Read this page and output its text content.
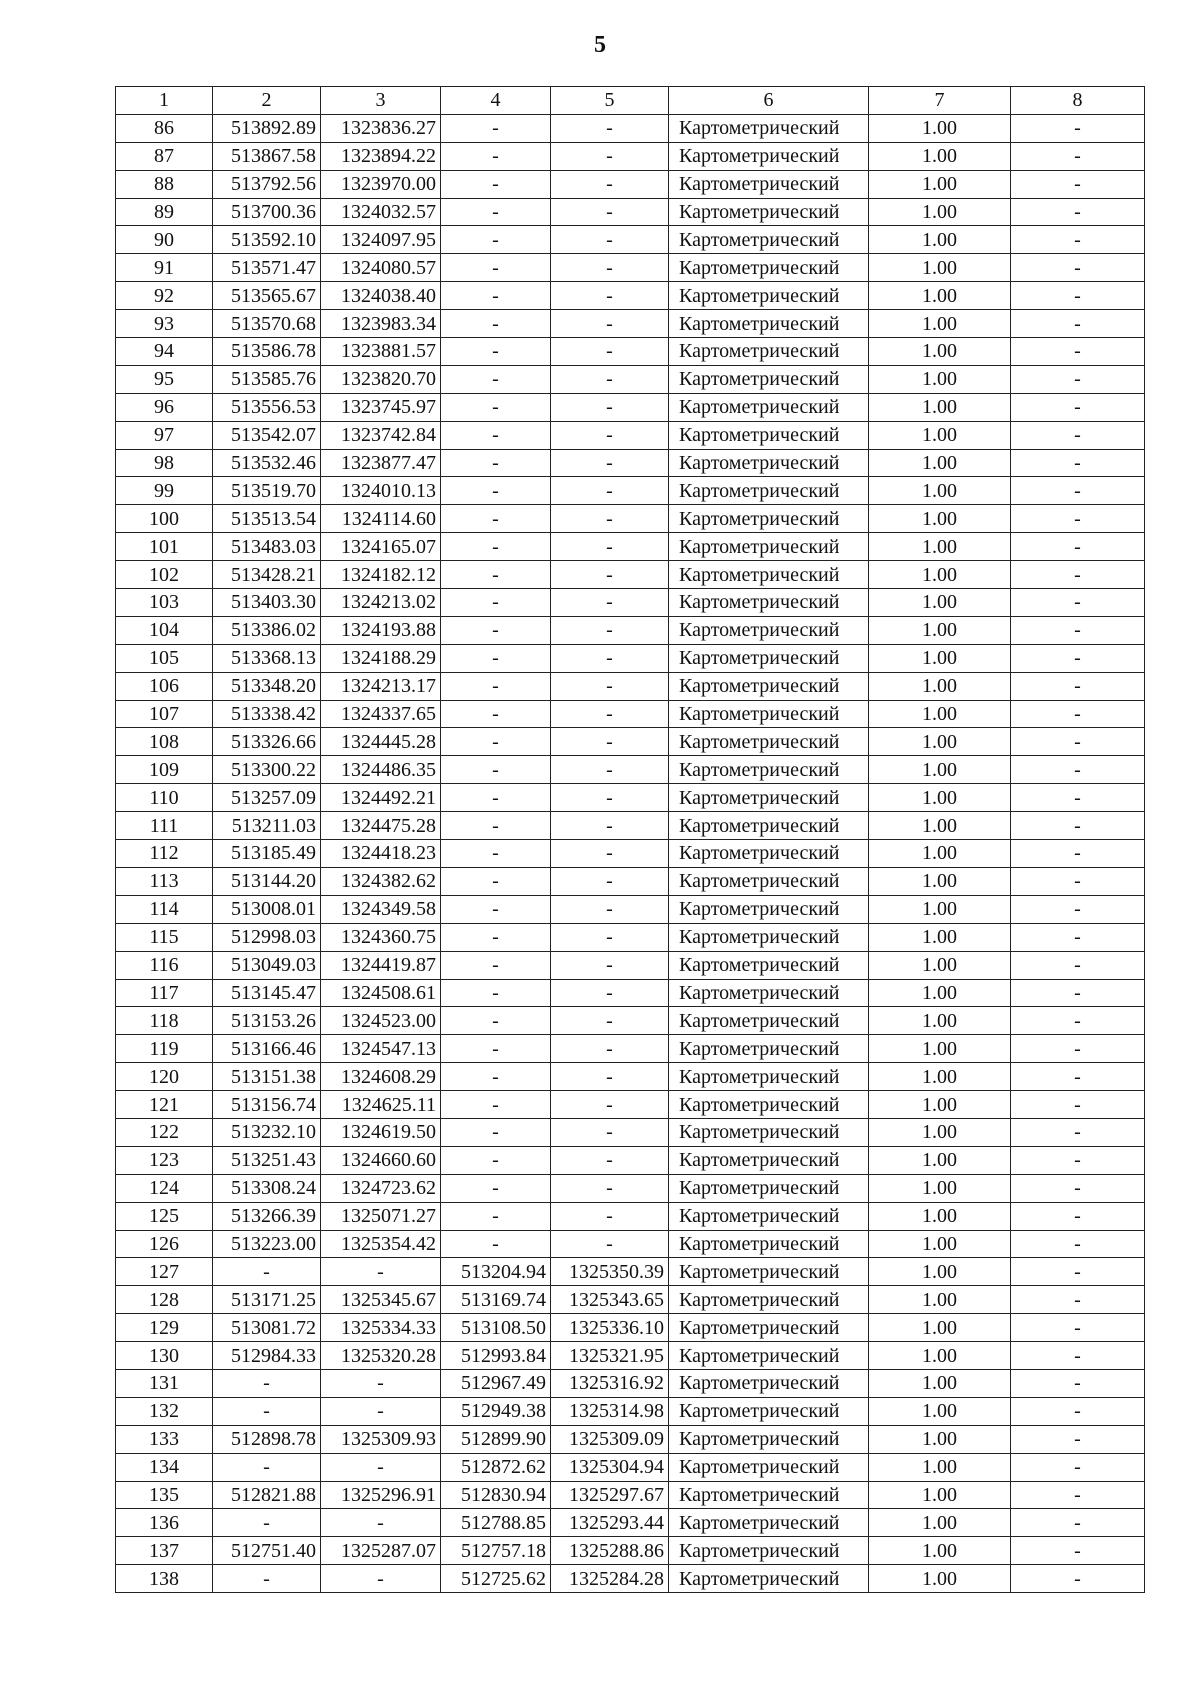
5
1	2	3	4	5	6	7	8
86	513892.89	1323836.27	-	-	Картометрический	1.00	-
87	513867.58	1323894.22	-	-	Картометрический	1.00	-
88	513792.56	1323970.00	-	-	Картометрический	1.00	-
89	513700.36	1324032.57	-	-	Картометрический	1.00	-
90	513592.10	1324097.95	-	-	Картометрический	1.00	-
91	513571.47	1324080.57	-	-	Картометрический	1.00	-
92	513565.67	1324038.40	-	-	Картометрический	1.00	-
93	513570.68	1323983.34	-	-	Картометрический	1.00	-
94	513586.78	1323881.57	-	-	Картометрический	1.00	-
95	513585.76	1323820.70	-	-	Картометрический	1.00	-
96	513556.53	1323745.97	-	-	Картометрический	1.00	-
97	513542.07	1323742.84	-	-	Картометрический	1.00	-
98	513532.46	1323877.47	-	-	Картометрический	1.00	-
99	513519.70	1324010.13	-	-	Картометрический	1.00	-
100	513513.54	1324114.60	-	-	Картометрический	1.00	-
101	513483.03	1324165.07	-	-	Картометрический	1.00	-
102	513428.21	1324182.12	-	-	Картометрический	1.00	-
103	513403.30	1324213.02	-	-	Картометрический	1.00	-
104	513386.02	1324193.88	-	-	Картометрический	1.00	-
105	513368.13	1324188.29	-	-	Картометрический	1.00	-
106	513348.20	1324213.17	-	-	Картометрический	1.00	-
107	513338.42	1324337.65	-	-	Картометрический	1.00	-
108	513326.66	1324445.28	-	-	Картометрический	1.00	-
109	513300.22	1324486.35	-	-	Картометрический	1.00	-
110	513257.09	1324492.21	-	-	Картометрический	1.00	-
111	513211.03	1324475.28	-	-	Картометрический	1.00	-
112	513185.49	1324418.23	-	-	Картометрический	1.00	-
113	513144.20	1324382.62	-	-	Картометрический	1.00	-
114	513008.01	1324349.58	-	-	Картометрический	1.00	-
115	512998.03	1324360.75	-	-	Картометрический	1.00	-
116	513049.03	1324419.87	-	-	Картометрический	1.00	-
117	513145.47	1324508.61	-	-	Картометрический	1.00	-
118	513153.26	1324523.00	-	-	Картометрический	1.00	-
119	513166.46	1324547.13	-	-	Картометрический	1.00	-
120	513151.38	1324608.29	-	-	Картометрический	1.00	-
121	513156.74	1324625.11	-	-	Картометрический	1.00	-
122	513232.10	1324619.50	-	-	Картометрический	1.00	-
123	513251.43	1324660.60	-	-	Картометрический	1.00	-
124	513308.24	1324723.62	-	-	Картометрический	1.00	-
125	513266.39	1325071.27	-	-	Картометрический	1.00	-
126	513223.00	1325354.42	-	-	Картометрический	1.00	-
127	-	-	513204.94	1325350.39	Картометрический	1.00	-
128	513171.25	1325345.67	513169.74	1325343.65	Картометрический	1.00	-
129	513081.72	1325334.33	513108.50	1325336.10	Картометрический	1.00	-
130	512984.33	1325320.28	512993.84	1325321.95	Картометрический	1.00	-
131	-	-	512967.49	1325316.92	Картометрический	1.00	-
132	-	-	512949.38	1325314.98	Картометрический	1.00	-
133	512898.78	1325309.93	512899.90	1325309.09	Картометрический	1.00	-
134	-	-	512872.62	1325304.94	Картометрический	1.00	-
135	512821.88	1325296.91	512830.94	1325297.67	Картометрический	1.00	-
136	-	-	512788.85	1325293.44	Картометрический	1.00	-
137	512751.40	1325287.07	512757.18	1325288.86	Картометрический	1.00	-
138	-	-	512725.62	1325284.28	Картометрический	1.00	-
